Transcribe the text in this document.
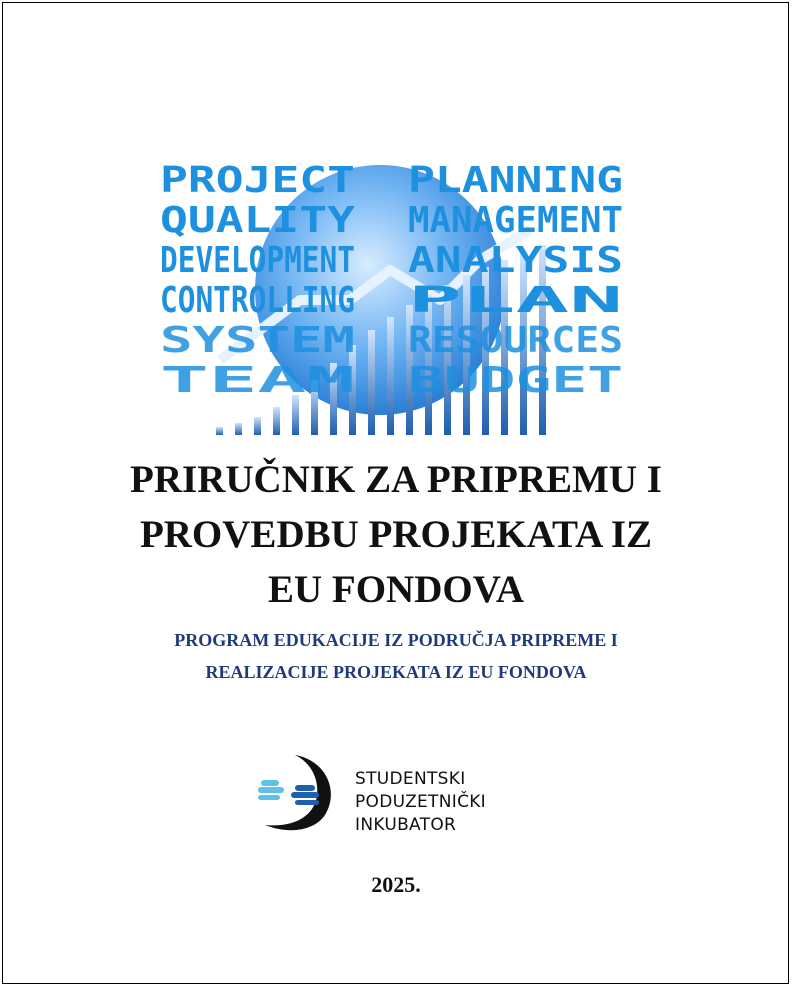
PROJECT
QUALITY
DEVELOPMENT
CONTROLLING
SYSTEM
TEAM
PLANNING
MANAGEMENT
ANALYSIS
PLAN
RESOURCES
BUDGET
PRIRUČNIK ZA PRIPREMU I
PROVEDBU PROJEKATA IZ
EU FONDOVA
PROGRAM EDUKACIJE IZ PODRUČJA PRIPREME I
REALIZACIJE PROJEKATA IZ EU FONDOVA
STUDENTSKI
PODUZETNIČKI
INKUBATOR
2025.
